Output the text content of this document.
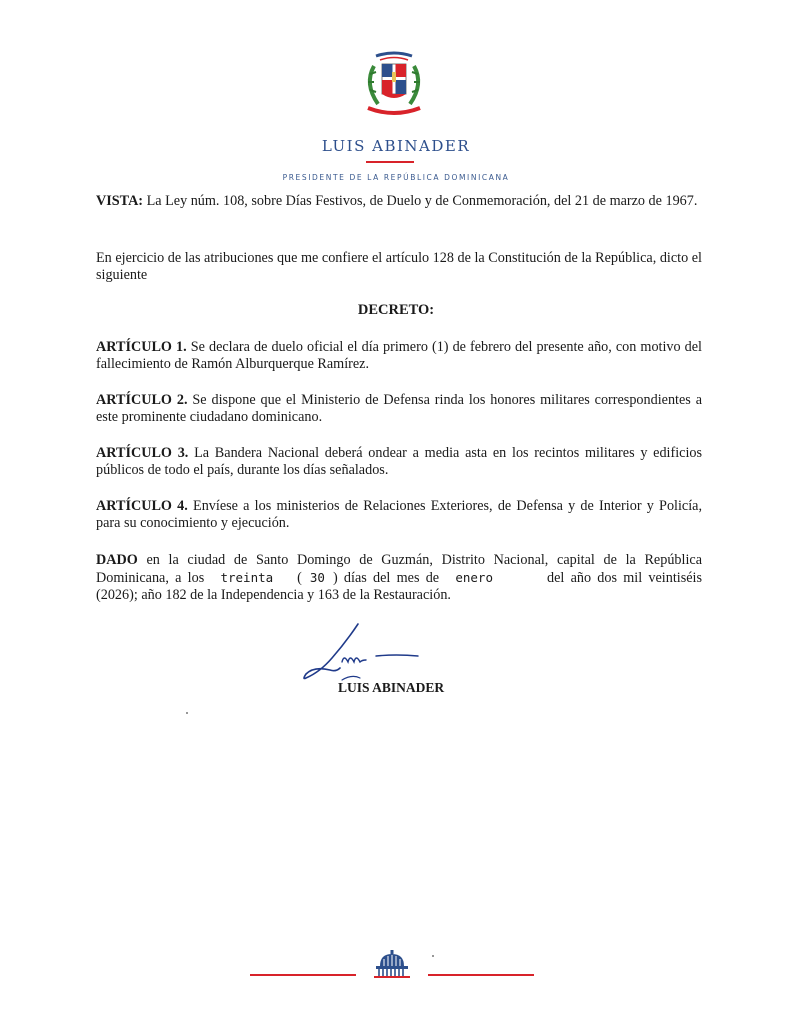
LUIS ABINADER
PRESIDENTE DE LA REPÚBLICA DOMINICANA

VISTA: La Ley núm. 108, sobre Días Festivos, de Duelo y de Conmemoración, del 21 de marzo de 1967.

En ejercicio de las atribuciones que me confiere el artículo 128 de la Constitución de la República, dicto el siguiente

DECRETO:

ARTÍCULO 1. Se declara de duelo oficial el día primero (1) de febrero del presente año, con motivo del fallecimiento de Ramón Alburquerque Ramírez.

ARTÍCULO 2. Se dispone que el Ministerio de Defensa rinda los honores militares correspondientes a este prominente ciudadano dominicano.

ARTÍCULO 3. La Bandera Nacional deberá ondear a media asta en los recintos militares y edificios públicos de todo el país, durante los días señalados.

ARTÍCULO 4. Envíese a los ministerios de Relaciones Exteriores, de Defensa y de Interior y Policía, para su conocimiento y ejecución.

DADO en la ciudad de Santo Domingo de Guzmán, Distrito Nacional, capital de la República Dominicana, a los treinta ( 30 ) días del mes de enero	del año dos mil veintiséis (2026); año 182 de la Independencia y 163 de la Restauración.

LUIS ABINADER
